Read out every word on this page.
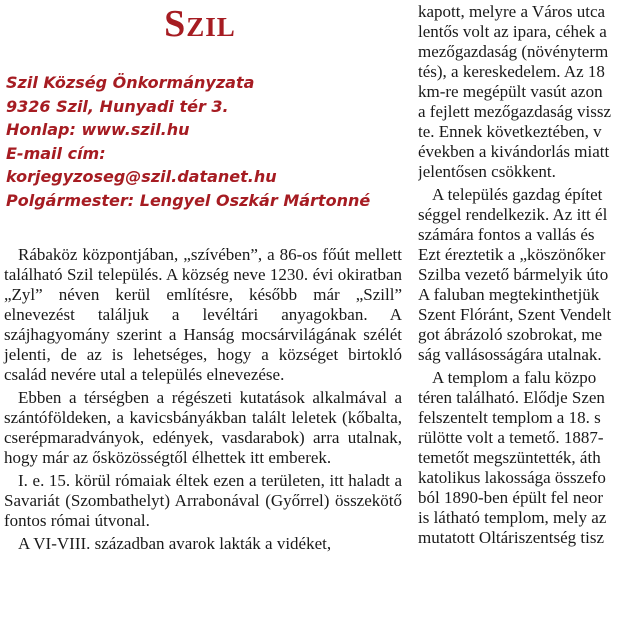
Szil
Szil Község Önkormányzata
9326 Szil, Hunyadi tér 3.
Honlap: www.szil.hu
E-mail cím:
korjegyzoseg@szil.datanet.hu
Polgármester: Lengyel Oszkár Mártonné

Rábaköz központjában, „szívében”, a 86-os főút mellett található Szil település. A község neve 1230. évi okiratban „Zyl” néven kerül említésre, később már „Szill” elnevezést találjuk a levéltári anyagokban. A szájhagyomány szerint a Hanság mocsárvilágának szélét jelenti, de az is lehetséges, hogy a községet birtokló család nevére utal a település elnevezése.

Ebben a térségben a régészeti kutatások alkalmával a szántóföldeken, a kavicsbányákban talált leletek (kőbalta, cserépmaradványok, edények, vasdarabok) arra utalnak, hogy már az ősközösségtől élhettek itt emberek.

I. e. 15. körül rómaiak éltek ezen a területen, itt haladt a Savariát (Szombathelyt) Arrabonával (Győrrel) összekötő fontos római útvonal.

A VI-VIII. században avarok lakták a vidéket,

kapott, melyre a Város utca
lentős volt az ipara, céhek a
mezőgazdaság (növényterm
tés), a kereskedelem. Az 18
km-re megépült vasút azon
a fejlett mezőgazdaság vissz
te. Ennek következtében, v
években a kivándorlás miatt
jelentősen csökkent.
A település gazdag építet
séggel rendelkezik. Az itt él
számára fontos a vallás és
Ezt éreztetik a „köszönőker
Szilba vezető bármelyik úto
A faluban megtekinthetjük
Szent Flóránt, Szent Vendelt
got ábrázoló szobrokat, me
ság vallásosságára utalnak.
A templom a falu közpo
téren található. Elődje Szen
felszentelt templom a 18. s
rülötte volt a temető. 1887-
temetőt megszüntették, áth
katolikus lakossága összefo
ból 1890-ben épült fel neor
is látható templom, mely az
mutatott Oltáriszentség tisz
